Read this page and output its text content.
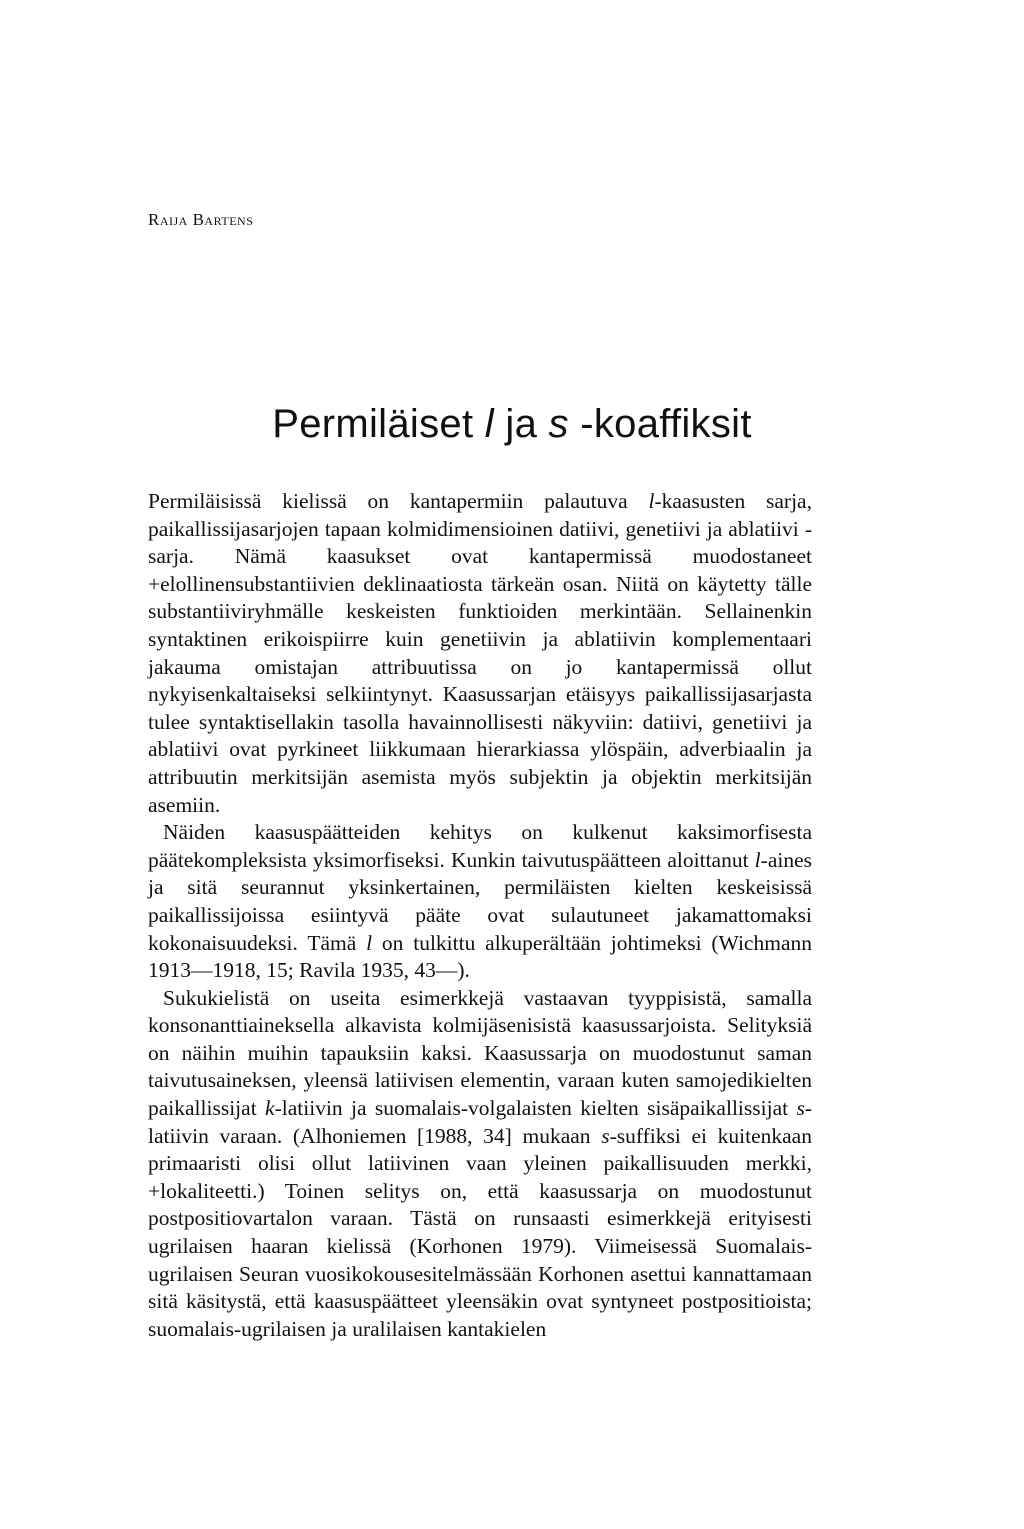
Raija Bartens
Permiläiset l ja s -koaffiksit

Permiläisissä kielissä on kantapermiin palautuva l-kaasusten sarja, paikallissijasarjojen tapaan kolmidimensioinen datiivi, genetiivi ja ablatiivi -sarja. Nämä kaasukset ovat kantapermissä muodostaneet +elollinensubstantiivien deklinaatiosta tärkeän osan. Niitä on käytetty tälle substantiiviryhmälle keskeisten funktioiden merkintään. Sellainenkin syntaktinen erikoispiirre kuin genetiivin ja ablatiivin komplementaari jakauma omistajan attribuutissa on jo kantapermissä ollut nykyisenkaltaiseksi selkiintynyt. Kaasussarjan etäisyys paikallissijasarjasta tulee syntaktisellakin tasolla havainnollisesti näkyviin: datiivi, genetiivi ja ablatiivi ovat pyrkineet liikkumaan hierarkiassa ylöspäin, adverbiaalin ja attribuutin merkitsijän asemista myös subjektin ja objektin merkitsijän asemiin.

Näiden kaasuspäätteiden kehitys on kulkenut kaksimorfisesta päätekompleksista yksimorfiseksi. Kunkin taivutuspäätteen aloittanut l-aines ja sitä seurannut yksinkertainen, permiläisten kielten keskeisissä paikallissijoissa esiintyvä pääte ovat sulautuneet jakamattomaksi kokonaisuudeksi. Tämä l on tulkittu alkuperältään johtimeksi (Wichmann 1913—1918, 15; Ravila 1935, 43—).

Sukukielistä on useita esimerkkejä vastaavan tyyppisistä, samalla konsonanttiaineksella alkavista kolmijäsenisistä kaasussarjoista. Selityksiä on näihin muihin tapauksiin kaksi. Kaasussarja on muodostunut saman taivutusaineksen, yleensä latiivisen elementin, varaan kuten samojedikielten paikallissijat k-latiivin ja suomalais-volgalaisten kielten sisäpaikallissijat s-latiivin varaan. (Alhoniemen [1988, 34] mukaan s-suffiksi ei kuitenkaan primaaristi olisi ollut latiivinen vaan yleinen paikallisuuden merkki, +lokaliteetti.) Toinen selitys on, että kaasussarja on muodostunut postpositiovartalon varaan. Tästä on runsaasti esimerkkejä erityisesti ugrilaisen haaran kielissä (Korhonen 1979). Viimeisessä Suomalais-ugrilaisen Seuran vuosikokousesitelmässään Korhonen asettui kannattamaan sitä käsitystä, että kaasuspäätteet yleensäkin ovat syntyneet postpositioista; suomalais-ugrilaisen ja uralilaisen kantakielen
